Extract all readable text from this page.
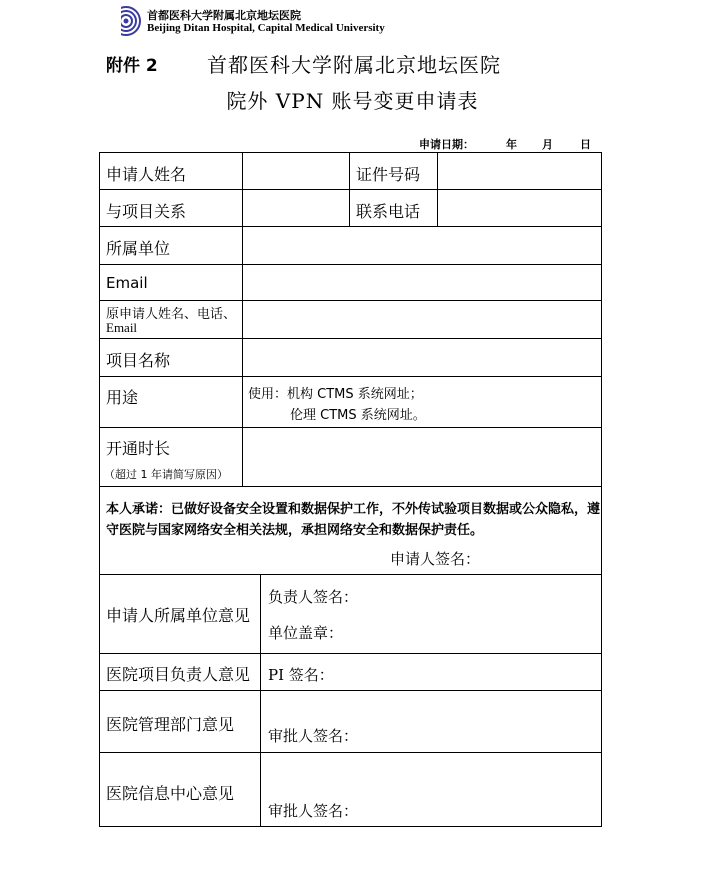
首都医科大学附属北京地坛医院
Beijing Ditan Hospital, Capital Medical University
附件 2 首都医科大学附属北京地坛医院
院外 VPN 账号变更申请表
申请日期：	年 月 日
申请人姓名	证件号码
与项目关系	联系电话
所属单位
Email
原申请人姓名、电话、
Email
项目名称
用途	使用：机构 CTMS 系统网址；
伦理 CTMS 系统网址。
开通时长
（超过 1 年请简写原因）
本人承诺：已做好设备安全设置和数据保护工作，不外传试验项目数据或公众隐私，遵守医院与国家网络安全相关法规，承担网络安全和数据保护责任。
申请人签名：
申请人所属单位意见
负责人签名：
单位盖章：
医院项目负责人意见 PI 签名：
医院管理部门意见
审批人签名：
医院信息中心意见
审批人签名：
